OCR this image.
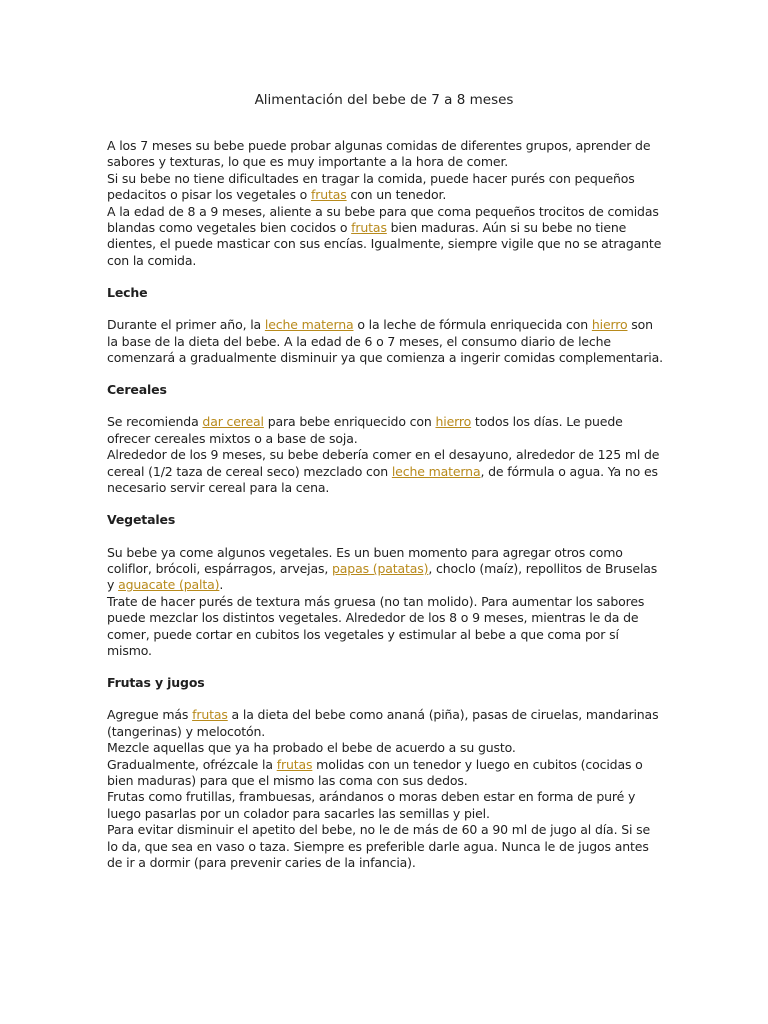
Alimentación del bebe de 7 a 8 meses

A los 7 meses su bebe puede probar algunas comidas de diferentes grupos, aprender de

sabores y texturas, lo que es muy importante a la hora de comer.

Si su bebe no tiene dificultades en tragar la comida, puede hacer purés con pequeños

pedacitos o pisar los vegetales o frutas con un tenedor.

A la edad de 8 a 9 meses, aliente a su bebe para que coma pequeños trocitos de comidas

blandas como vegetales bien cocidos o frutas bien maduras. Aún si su bebe no tiene

dientes, el puede masticar con sus encías. Igualmente, siempre vigile que no se atragante

con la comida.

Leche

Durante el primer año, la leche materna o la leche de fórmula enriquecida con hierro son

la base de la dieta del bebe. A la edad de 6 o 7 meses, el consumo diario de leche

comenzará a gradualmente disminuir ya que comienza a ingerir comidas complementaria.

Cereales

Se recomienda dar cereal para bebe enriquecido con hierro todos los días. Le puede

ofrecer cereales mixtos o a base de soja.

Alrededor de los 9 meses, su bebe debería comer en el desayuno, alrededor de 125 ml de

cereal (1/2 taza de cereal seco) mezclado con leche materna, de fórmula o agua. Ya no es

necesario servir cereal para la cena.

Vegetales

Su bebe ya come algunos vegetales. Es un buen momento para agregar otros como

coliflor, brócoli, espárragos, arvejas, papas (patatas), choclo (maíz), repollitos de Bruselas

y aguacate (palta).

Trate de hacer purés de textura más gruesa (no tan molido). Para aumentar los sabores

puede mezclar los distintos vegetales. Alrededor de los 8 o 9 meses, mientras le da de

comer, puede cortar en cubitos los vegetales y estimular al bebe a que coma por sí

mismo.

Frutas y jugos

Agregue más frutas a la dieta del bebe como ananá (piña), pasas de ciruelas, mandarinas

(tangerinas) y melocotón.

Mezcle aquellas que ya ha probado el bebe de acuerdo a su gusto.

Gradualmente, ofrézcale la frutas molidas con un tenedor y luego en cubitos (cocidas o

bien maduras) para que el mismo las coma con sus dedos.

Frutas como frutillas, frambuesas, arándanos o moras deben estar en forma de puré y

luego pasarlas por un colador para sacarles las semillas y piel.

Para evitar disminuir el apetito del bebe, no le de más de 60 a 90 ml de jugo al día. Si se

lo da, que sea en vaso o taza. Siempre es preferible darle agua. Nunca le de jugos antes

de ir a dormir (para prevenir caries de la infancia).
